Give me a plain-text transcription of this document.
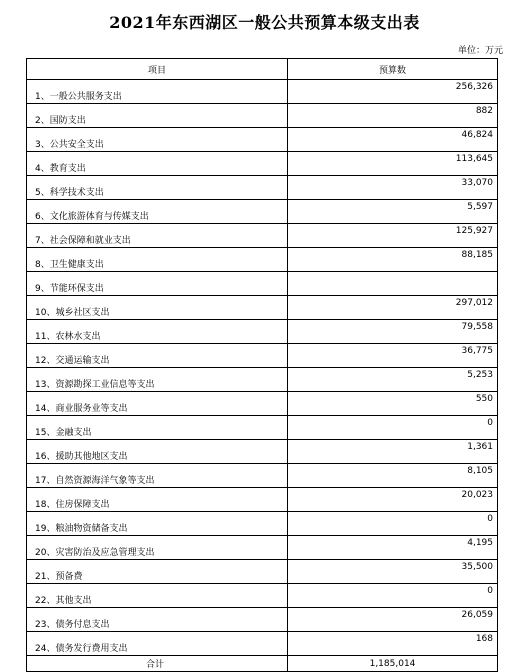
2021年东西湖区一般公共预算本级支出表
单位：万元
项目	预算数
1、一般公共服务支出	256,326
2、国防支出	882
3、公共安全支出	46,824
4、教育支出	113,645
5、科学技术支出	33,070
6、文化旅游体育与传媒支出	5,597
7、社会保障和就业支出	125,927
8、卫生健康支出	88,185
9、节能环保支出	
10、城乡社区支出	297,012
11、农林水支出	79,558
12、交通运输支出	36,775
13、资源勘探工业信息等支出	5,253
14、商业服务业等支出	550
15、金融支出	0
16、援助其他地区支出	1,361
17、自然资源海洋气象等支出	8,105
18、住房保障支出	20,023
19、粮油物资储备支出	0
20、灾害防治及应急管理支出	4,195
21、预备费	35,500
22、其他支出	0
23、债务付息支出	26,059
24、债务发行费用支出	168
合计	1,185,014
